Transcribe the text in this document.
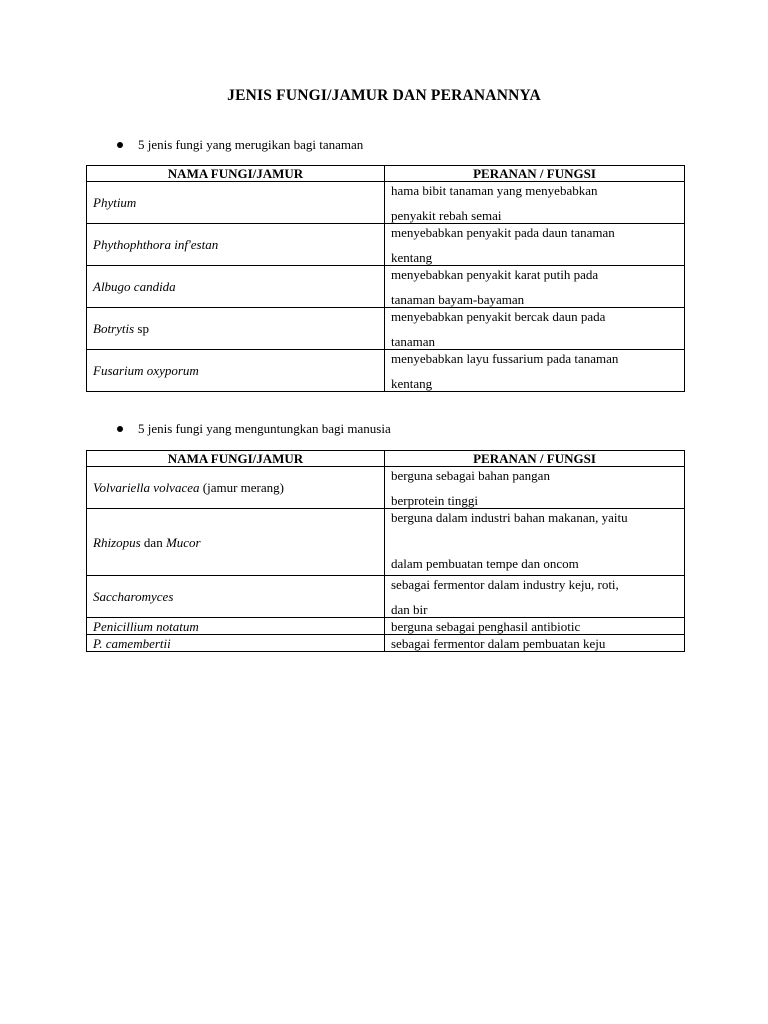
JENIS FUNGI/JAMUR DAN PERANANNYA
5 jenis fungi yang merugikan bagi tanaman
NAMA FUNGI/JAMUR	PERANAN / FUNGSI
Phytium	hama bibit tanaman yang menyebabkan
penyakit rebah semai
Phythophthora inf'estan	menyebabkan penyakit pada daun tanaman
kentang
Albugo candida	menyebabkan penyakit karat putih pada
tanaman bayam-bayaman
Botrytis sp	menyebabkan penyakit bercak daun pada
tanaman
Fusarium oxyporum	menyebabkan layu fussarium pada tanaman
kentang
5 jenis fungi yang menguntungkan bagi manusia
NAMA FUNGI/JAMUR	PERANAN / FUNGSI
Volvariella volvacea (jamur merang)	berguna sebagai bahan pangan
berprotein tinggi
Rhizopus dan Mucor	berguna dalam industri bahan makanan, yaitu
dalam pembuatan tempe dan oncom
Saccharomyces	sebagai fermentor dalam industry keju, roti,
dan bir
Penicillium notatum	berguna sebagai penghasil antibiotic
P. camembertii	sebagai fermentor dalam pembuatan keju
